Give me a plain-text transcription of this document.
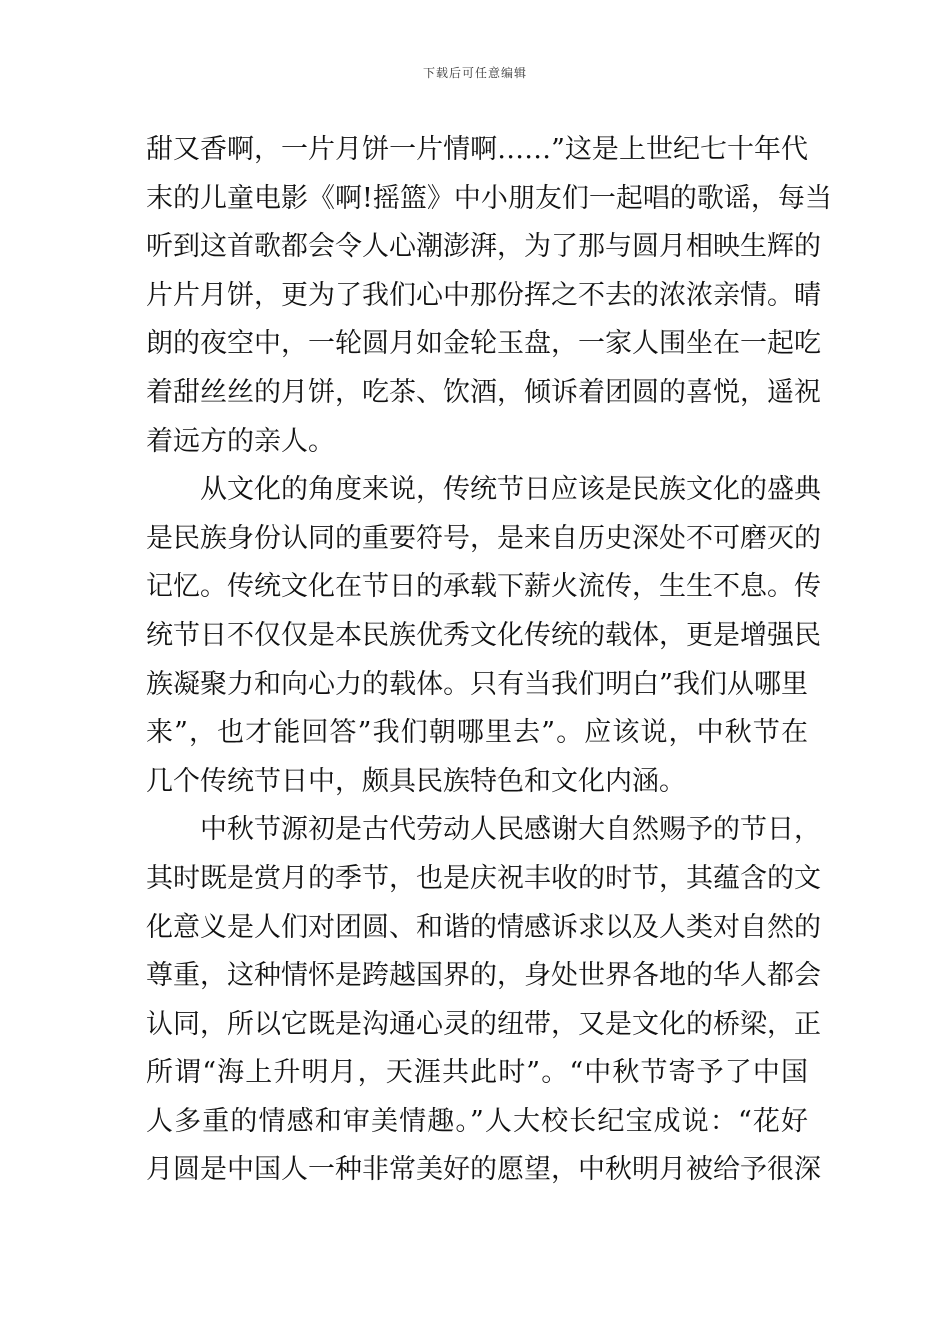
下载后可任意编辑
甜又香啊，一片月饼一片情啊……”这是上世纪七十年代
末的儿童电影《啊!摇篮》中小朋友们一起唱的歌谣，每当
听到这首歌都会令人心潮澎湃，为了那与圆月相映生辉的
片片月饼，更为了我们心中那份挥之不去的浓浓亲情。晴
朗的夜空中，一轮圆月如金轮玉盘，一家人围坐在一起吃
着甜丝丝的月饼，吃茶、饮酒，倾诉着团圆的喜悦，遥祝
着远方的亲人。
从文化的角度来说，传统节日应该是民族文化的盛典
是民族身份认同的重要符号，是来自历史深处不可磨灭的
记忆。传统文化在节日的承载下薪火流传，生生不息。传
统节日不仅仅是本民族优秀文化传统的载体，更是增强民
族凝聚力和向心力的载体。只有当我们明白”我们从哪里
来”，也才能回答”我们朝哪里去”。应该说，中秋节在
几个传统节日中，颇具民族特色和文化内涵。
中秋节源初是古代劳动人民感谢大自然赐予的节日，
其时既是赏月的季节，也是庆祝丰收的时节，其蕴含的文
化意义是人们对团圆、和谐的情感诉求以及人类对自然的
尊重，这种情怀是跨越国界的，身处世界各地的华人都会
认同，所以它既是沟通心灵的纽带，又是文化的桥梁，正
所谓“海上升明月，天涯共此时”。“中秋节寄予了中国
人多重的情感和审美情趣。”人大校长纪宝成说：“花好
月圆是中国人一种非常美好的愿望，中秋明月被给予很深
